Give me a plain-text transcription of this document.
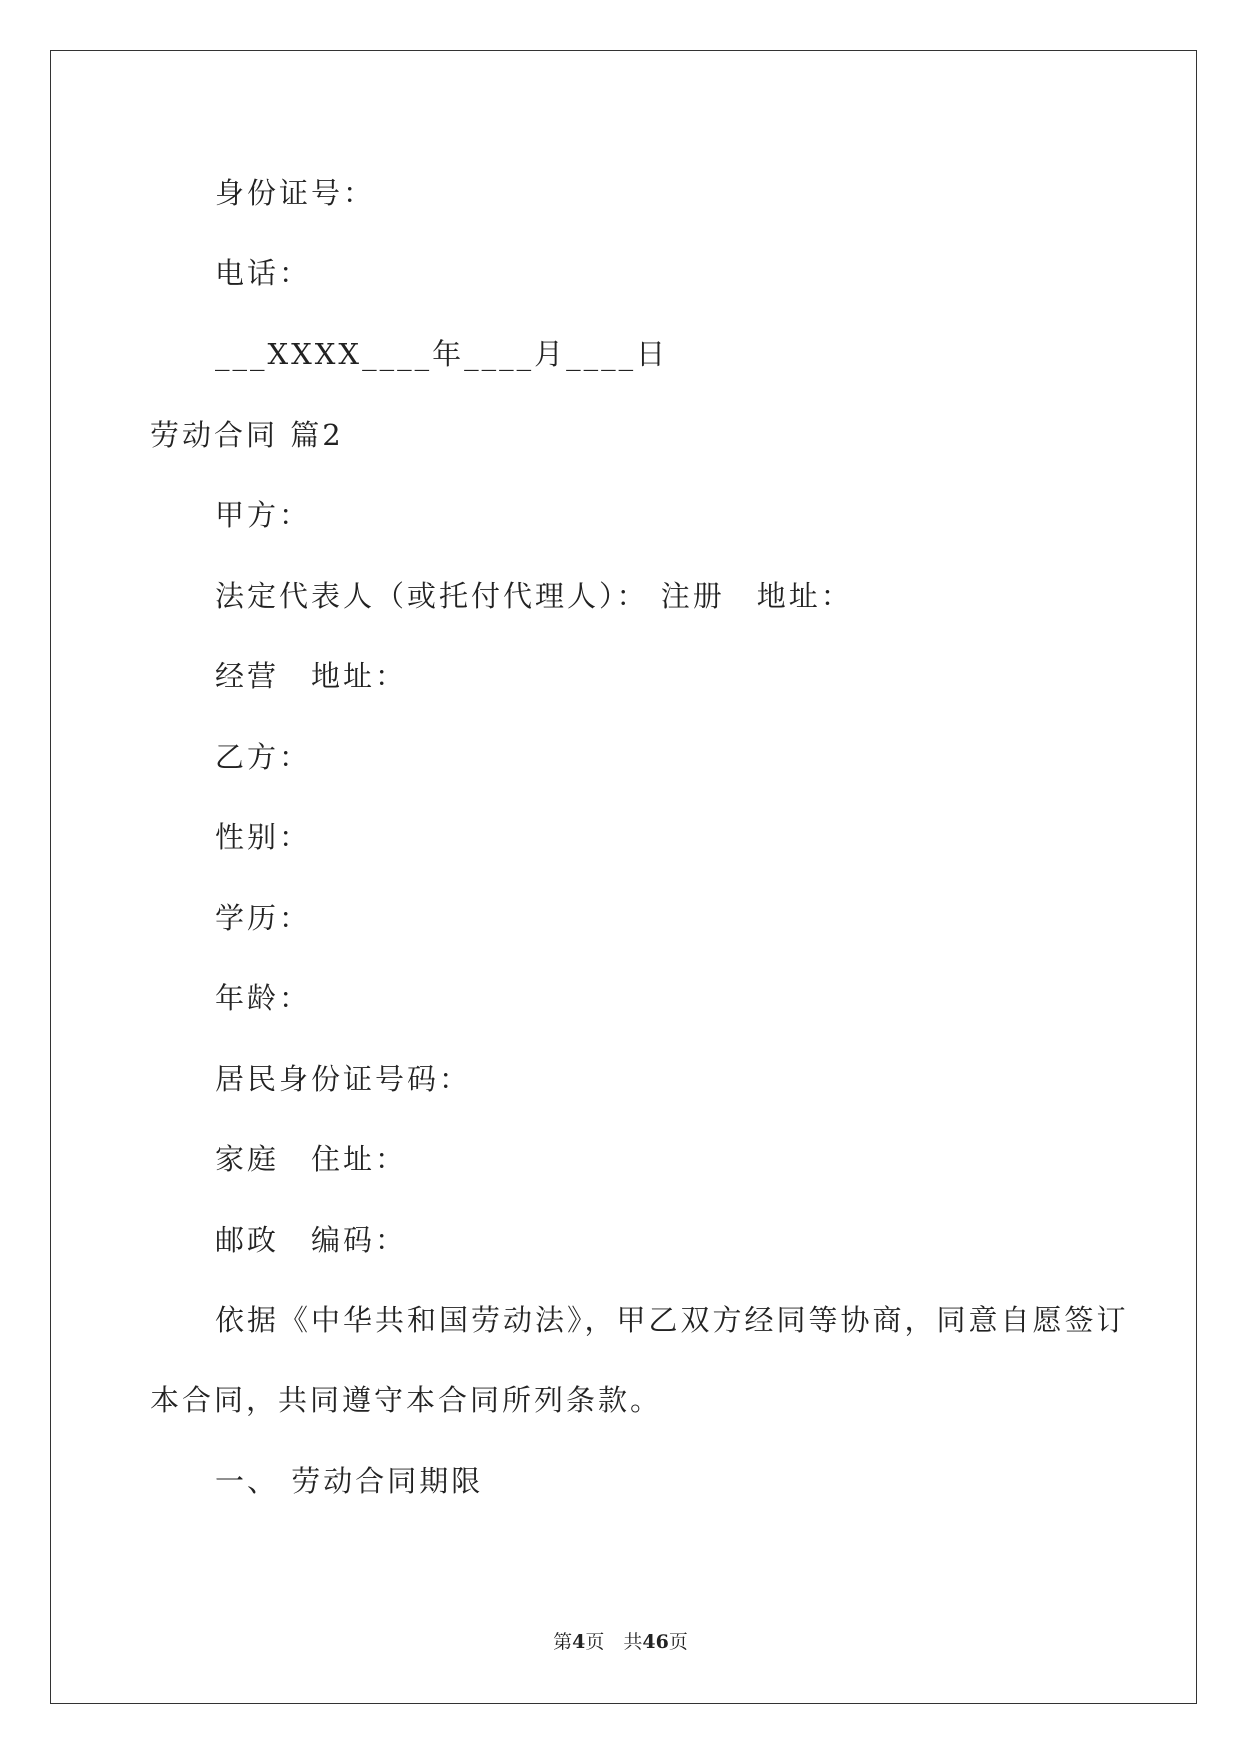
身份证号：
电话：
___XXXX____年____月____日
劳动合同 篇2
甲方：
法定代表人（或托付代理人）： 注册　地址：
经营　地址：
乙方：
性别：
学历：
年龄：
居民身份证号码：
家庭　住址：
邮政　编码：
依据《中华共和国劳动法》，甲乙双方经同等协商，同意自愿签订
本合同，共同遵守本合同所列条款。
一、 劳动合同期限
第4页　共46页
